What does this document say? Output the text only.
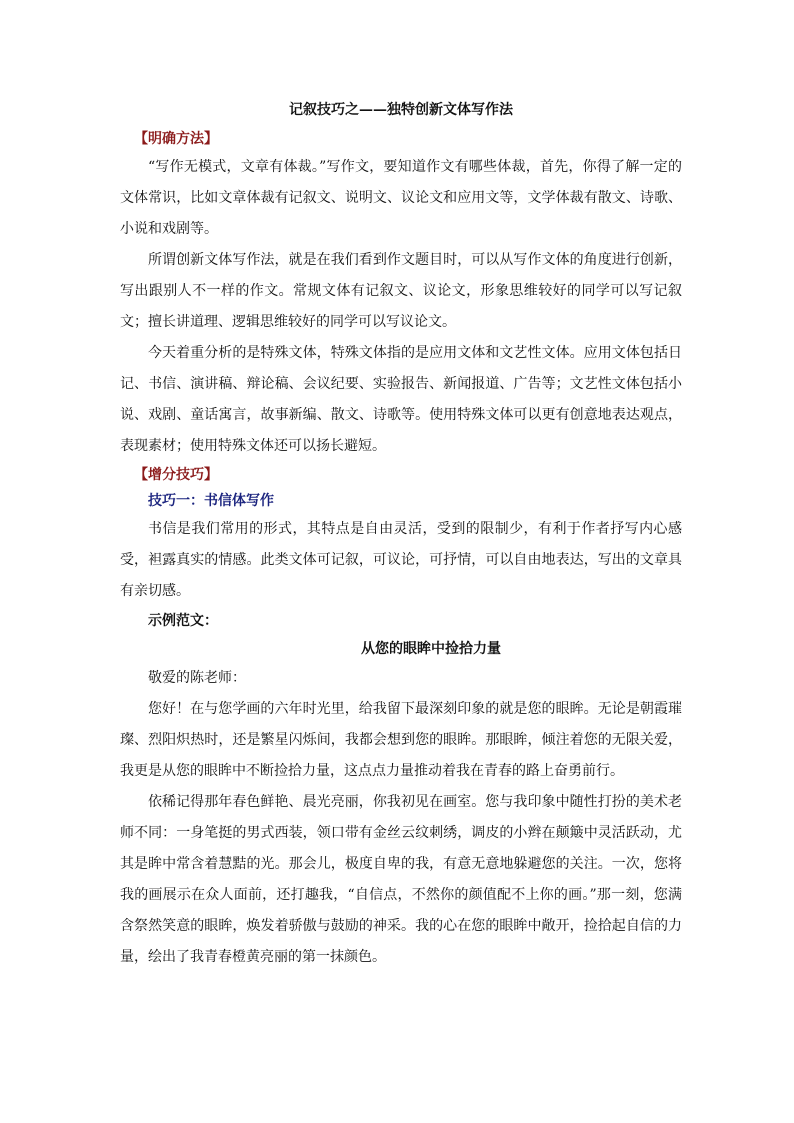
记叙技巧之——独特创新文体写作法

【明确方法】

“写作无模式，文章有体裁。”写作文，要知道作文有哪些体裁，首先，你得了解一定的文体常识，比如文章体裁有记叙文、说明文、议论文和应用文等，文学体裁有散文、诗歌、小说和戏剧等。

所谓创新文体写作法，就是在我们看到作文题目时，可以从写作文体的角度进行创新，写出跟别人不一样的作文。常规文体有记叙文、议论文，形象思维较好的同学可以写记叙文；擅长讲道理、逻辑思维较好的同学可以写议论文。

今天着重分析的是特殊文体，特殊文体指的是应用文体和文艺性文体。应用文体包括日记、书信、演讲稿、辩论稿、会议纪要、实验报告、新闻报道、广告等；文艺性文体包括小说、戏剧、童话寓言，故事新编、散文、诗歌等。使用特殊文体可以更有创意地表达观点，表现素材；使用特殊文体还可以扬长避短。

【增分技巧】

技巧一：书信体写作

书信是我们常用的形式，其特点是自由灵活，受到的限制少，有利于作者抒写内心感受，袒露真实的情感。此类文体可记叙，可议论，可抒情，可以自由地表达，写出的文章具有亲切感。

示例范文：

从您的眼眸中捡拾力量

敬爱的陈老师：

您好！在与您学画的六年时光里，给我留下最深刻印象的就是您的眼眸。无论是朝霞璀璨、烈阳炽热时，还是繁星闪烁间，我都会想到您的眼眸。那眼眸，倾注着您的无限关爱，我更是从您的眼眸中不断捡拾力量，这点点力量推动着我在青春的路上奋勇前行。

依稀记得那年春色鲜艳、晨光亮丽，你我初见在画室。您与我印象中随性打扮的美术老师不同：一身笔挺的男式西装，领口带有金丝云纹刺绣，调皮的小辫在颠簸中灵活跃动，尤其是眸中常含着慧黠的光。那会儿，极度自卑的我，有意无意地躲避您的关注。一次，您将我的画展示在众人面前，还打趣我，“自信点，不然你的颜值配不上你的画。”那一刻，您满含祭然笑意的眼眸，焕发着骄傲与鼓励的神采。我的心在您的眼眸中敞开，捡拾起自信的力量，绘出了我青春橙黄亮丽的第一抹颜色。
